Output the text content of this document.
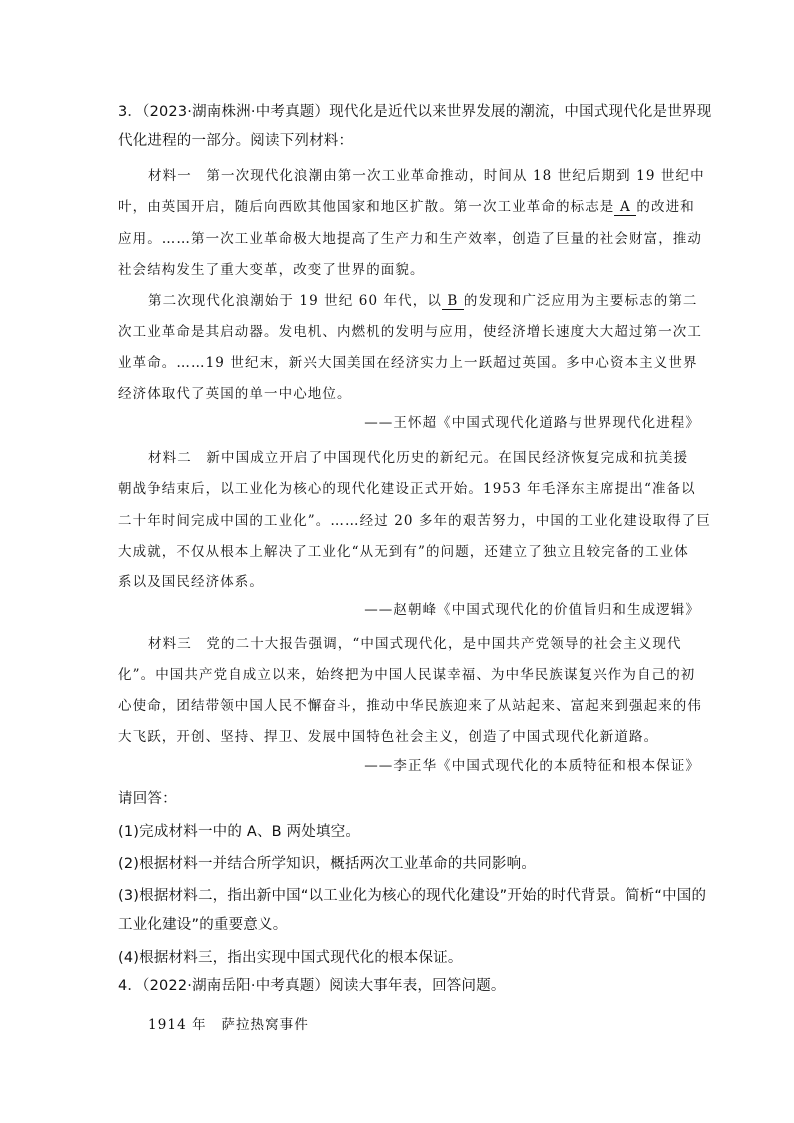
3．（2023·湖南株洲·中考真题）现代化是近代以来世界发展的潮流，中国式现代化是世界现
代化进程的一部分。阅读下列材料：
材料一　第一次现代化浪潮由第一次工业革命推动，时间从 18 世纪后期到 19 世纪中
叶，由英国开启，随后向西欧其他国家和地区扩散。第一次工业革命的标志是 A 的改进和
应用。……第一次工业革命极大地提高了生产力和生产效率，创造了巨量的社会财富，推动
社会结构发生了重大变革，改变了世界的面貌。
第二次现代化浪潮始于 19 世纪 60 年代，以 B 的发现和广泛应用为主要标志的第二
次工业革命是其启动器。发电机、内燃机的发明与应用，使经济增长速度大大超过第一次工
业革命。……19 世纪末，新兴大国美国在经济实力上一跃超过英国。多中心资本主义世界
经济体取代了英国的单一中心地位。
——王怀超《中国式现代化道路与世界现代化进程》
材料二　新中国成立开启了中国现代化历史的新纪元。在国民经济恢复完成和抗美援
朝战争结束后，以工业化为核心的现代化建设正式开始。1953 年毛泽东主席提出“准备以
二十年时间完成中国的工业化”。……经过 20 多年的艰苦努力，中国的工业化建设取得了巨
大成就，不仅从根本上解决了工业化“从无到有”的问题，还建立了独立且较完备的工业体
系以及国民经济体系。
——赵朝峰《中国式现代化的价值旨归和生成逻辑》
材料三　党的二十大报告强调，“中国式现代化，是中国共产党领导的社会主义现代
化”。中国共产党自成立以来，始终把为中国人民谋幸福、为中华民族谋复兴作为自己的初
心使命，团结带领中国人民不懈奋斗，推动中华民族迎来了从站起来、富起来到强起来的伟
大飞跃，开创、坚持、捍卫、发展中国特色社会主义，创造了中国式现代化新道路。
——李正华《中国式现代化的本质特征和根本保证》
请回答：
(1)完成材料一中的 A、B 两处填空。
(2)根据材料一并结合所学知识，概括两次工业革命的共同影响。
(3)根据材料二，指出新中国“以工业化为核心的现代化建设”开始的时代背景。简析“中国的
工业化建设”的重要意义。
(4)根据材料三，指出实现中国式现代化的根本保证。
4．（2022·湖南岳阳·中考真题）阅读大事年表，回答问题。
1914 年　萨拉热窝事件
